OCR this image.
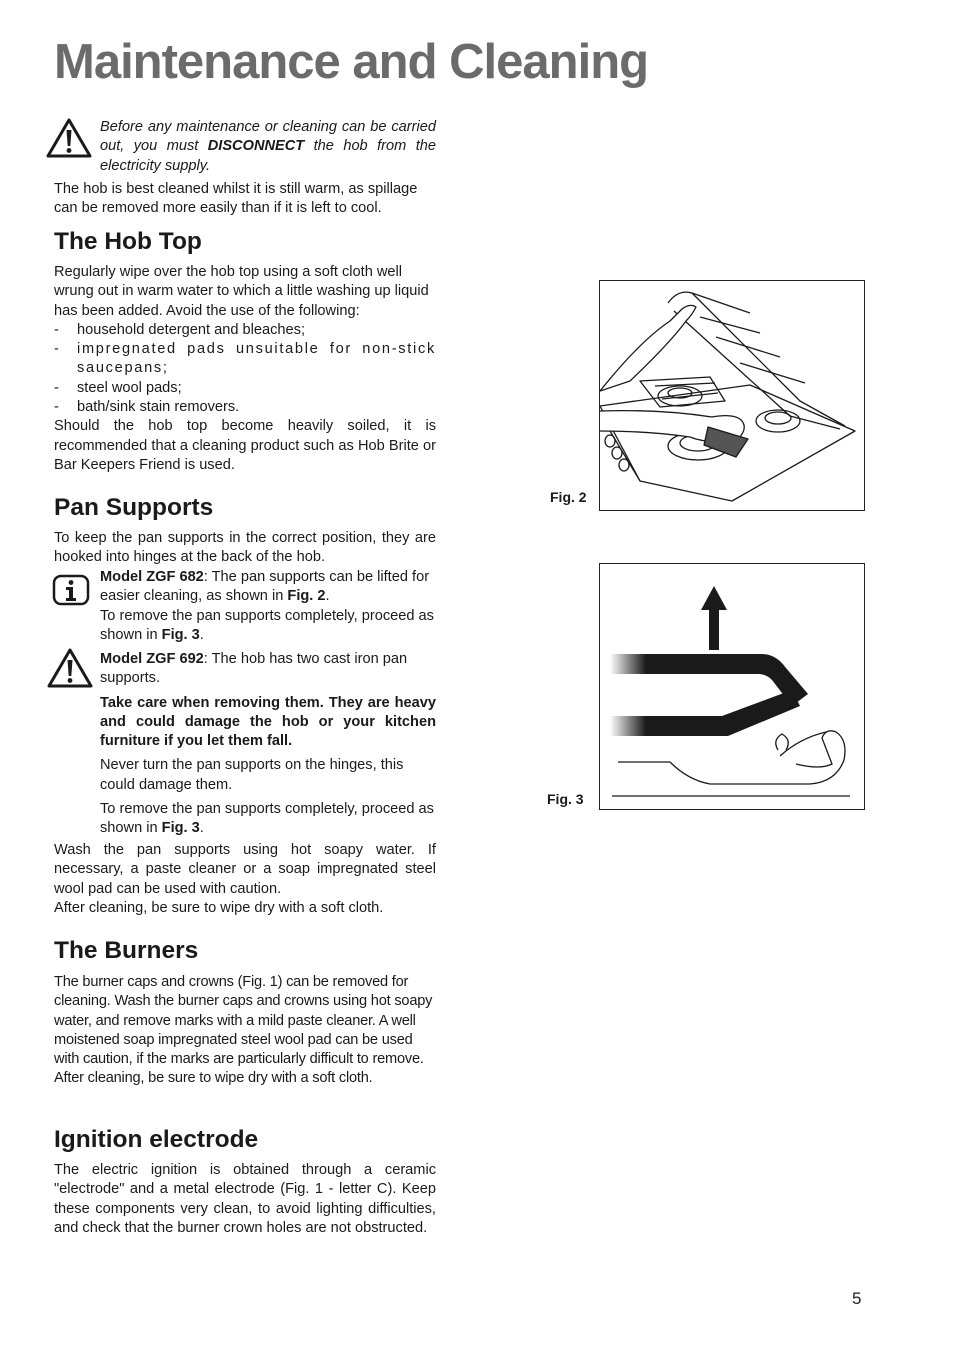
Maintenance and Cleaning

Before any maintenance or cleaning can be carried out, you must DISCONNECT the hob from the electricity supply.

The hob is best cleaned whilst it is still warm, as spillage can be removed more easily than if it is left to cool.

The Hob Top

Regularly wipe over the hob top using a soft cloth well wrung out in warm water to which a little washing up liquid has been added. Avoid the use of the following:

- household detergent and bleaches;
- impregnated pads unsuitable for non-stick saucepans;
- steel wool pads;
- bath/sink stain removers.

Should the hob top become heavily soiled, it is recommended that a cleaning product such as Hob Brite or Bar Keepers Friend is used.

Pan Supports

To keep the pan supports in the correct position, they are hooked into hinges at the back of the hob.

Model ZGF 682: The pan supports can be lifted for easier cleaning, as shown in Fig. 2.

To remove the pan supports completely, proceed as shown in Fig. 3.

Model ZGF 692: The hob has two cast iron pan supports.

Take care when removing them. They are heavy and could damage the hob or your kitchen furniture if you let them fall.

Never turn the pan supports on the hinges, this could damage them.

To remove the pan supports completely, proceed as shown in Fig. 3.

Wash the pan supports using hot soapy water. If necessary, a paste cleaner or a soap impregnated steel wool pad can be used with caution.

After cleaning, be sure to wipe dry with a soft cloth.

The Burners

The burner caps and crowns (Fig. 1) can be removed for cleaning. Wash the burner caps and crowns using hot soapy water, and remove marks with a mild paste cleaner. A well moistened soap impregnated steel wool pad can be used with caution, if the marks are particularly difficult to remove. After cleaning, be sure to wipe dry with a soft cloth.

Ignition electrode

The electric ignition is obtained through a ceramic "electrode" and a metal electrode (Fig. 1 - letter C). Keep these components very clean, to avoid lighting difficulties, and check that the burner crown holes are not obstructed.

Fig. 2
Fig. 3
5
